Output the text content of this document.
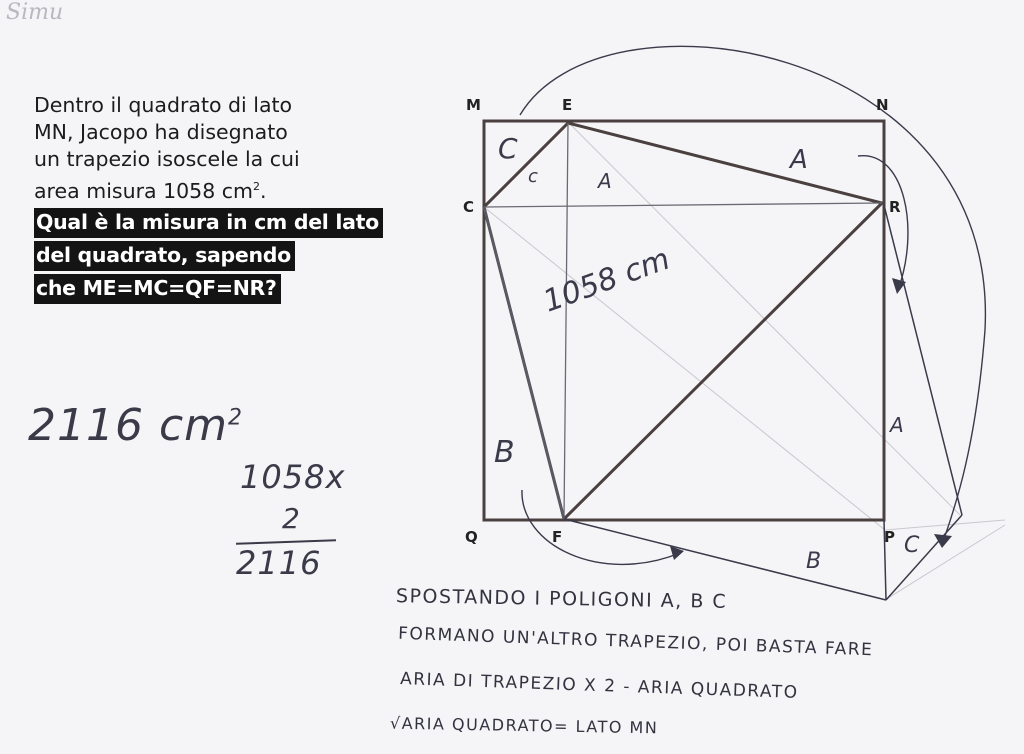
Simu
Dentro il quadrato di lato
MN, Jacopo ha disegnato
un trapezio isoscele la cui
area misura 1058 $cm^2$.
Qual è la misura in cm del lato
del quadrato, sapendo
che ME=MC=QF=NR?
2116 $cm^2$
1058x
2
2116
M	E	N
C	R
Q	F	P
C
c
A
A
B
A
B
C
1058 cm
SPOSTANDO I POLIGONI A, B C
FORMANO UN'ALTRO TRAPEZIO, POI BASTA FARE
ARIA DI TRAPEZIO X 2 - ARIA QUADRATO
√ARIA QUADRATO= LATO MN
